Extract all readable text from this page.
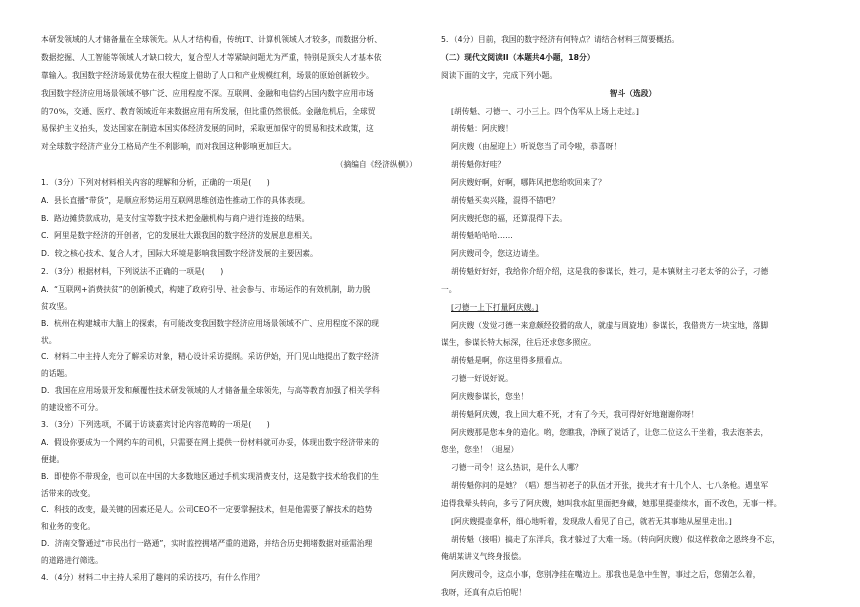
本研发领域的人才储备量在全球领先。从人才结构看，传统IT、计算机领域人才较多，而数据分析、
数据挖掘、人工智能等领域人才缺口较大，复合型人才等紧缺问题尤为严重，特别是顶尖人才基本依
靠输入。我国数字经济场景优势在很大程度上借助了人口和产业规模红利，场景的原始创新较少。
我国数字经济应用场景领域不够广泛、应用程度不深。互联网、金融和电信约占国内数字应用市场
的70%，交通、医疗、教育领域近年来数据应用有所发展，但比重仍然很低。金融危机后，全球贸
易保护主义抬头，发达国家在制造本国实体经济发展的同时，采取更加保守的贸易和技术政策，这
对全球数字经济产业分工格局产生不利影响，而对我国这种影响更加巨大。
（摘编自《经济纵横》）
1．（3分）下列对材料相关内容的理解和分析，正确的一项是(　　)
A．县长直播“带货”，是顺应形势运用互联网思维创造性推动工作的具体表现。
B．路边摊贷款成功，是支付宝等数字技术把金融机构与商户进行连接的结果。
C．阿里是数字经济的开创者，它的发展壮大跟我国的数字经济的发展息息相关。
D．较之核心技术、复合人才，国际大环境是影响我国数字经济发展的主要因素。
2．（3分）根据材料，下列说法不正确的一项是(　　)
A．“互联网+消费扶贫”的创新模式，构建了政府引导、社会参与、市场运作的有效机制，助力脱
贫攻坚。
B．杭州在构建城市大脑上的探索，有可能改变我国数字经济应用场景领域不广、应用程度不深的现
状。
C．材料二中主持人充分了解采访对象，精心设计采访提纲。采访伊始，开门见山地提出了数字经济
的话题。
D．我国在应用场景开发和颠覆性技术研发领域的人才储备量全球领先，与高等教育加强了相关学科
的建设密不可分。
3．（3分）下列选项，不属于访谈嘉宾讨论内容范畴的一项是(　　)
A．假设你要成为一个网约车的司机，只需要在网上提供一份材料就可办妥，体现出数字经济带来的
便捷。
B．即使你不带现金，也可以在中国的大多数地区通过手机实现消费支付，这是数字技术给我们的生
活带来的改变。
C．科技的改变，最关键的因素还是人。公司CEO不一定要掌握技术，但是他需要了解技术的趋势
和业务的变化。
D．济南交警通过“市民出行一路通”，实时监控拥堵严重的道路，并结合历史拥堵数据对亟需治理
的道路进行筛选。
4．（4分）材料二中主持人采用了趣问的采访技巧，有什么作用？
5．（4分）目前，我国的数字经济有何特点？请结合材料三简要概括。
（二）现代文阅读II（本题共4小题，18分）
阅读下面的文字，完成下列小题。
智斗（选段）
[胡传魁、刁德一、刁小三上。四个伪军从上场上走过。]
胡传魁：阿庆嫂！
阿庆嫂（由屋迎上）听说您当了司令啦，恭喜呀！
胡传魁你好哇？
阿庆嫂好啊，好啊，哪阵风把您给吹回来了？
胡传魁买卖兴隆，混得不错吧？
阿庆嫂托您的福，还算混得下去。
胡传魁哈哈哈……
阿庆嫂司令，您这边请坐。
胡传魁好好好，我给你介绍介绍，这是我的参谋长，姓刁，是本镇财主刁老太爷的公子，刁德
一。
[刁德一上下打量阿庆嫂。]
阿庆嫂（发觉刁德一来意颇经狡猾的敌人，就虚与周旋地）参谋长，我借贵方一块宝地，落脚
谋生，参谋长特大标深，往后还求您多照应。
胡传魁是啊，你这里得多照看点。
刁德一好说好说。
阿庆嫂参谋长，您坐！
胡传魁阿庆嫂，我上回大难不死，才有了今天，我可得好好地谢谢你呀！
阿庆嫂那是您本身的造化。哟，您瞧我，净顾了说话了，让您二位这么干坐着，我去泡茶去，
您坐，您坐！（退屋）
刁德一司令！这么热识，是什么人哪？
胡传魁你问的是她？（唱）想当初老子的队伍才开张，拢共才有十几个人、七八条枪。遇皇军
追得我晕头转向，多亏了阿庆嫂，她叫我水缸里面把身藏，她那里提壶续水，面不改色，无事一样。
[阿庆嫂提壶拿杯，细心地听着，发现敌人看见了自己，就若无其事地从屋里走出。]
胡传魁（接唱）搞走了东洋兵，我才躲过了大难一场。（转向阿庆嫂）似这样救命之恩终身不忘，
俺胡某讲义气终身报偿。
阿庆嫂司令，这点小事，您别净挂在嘴边上。那我也是急中生智，事过之后，您猜怎么着，
我呀，还真有点后怕呢！
